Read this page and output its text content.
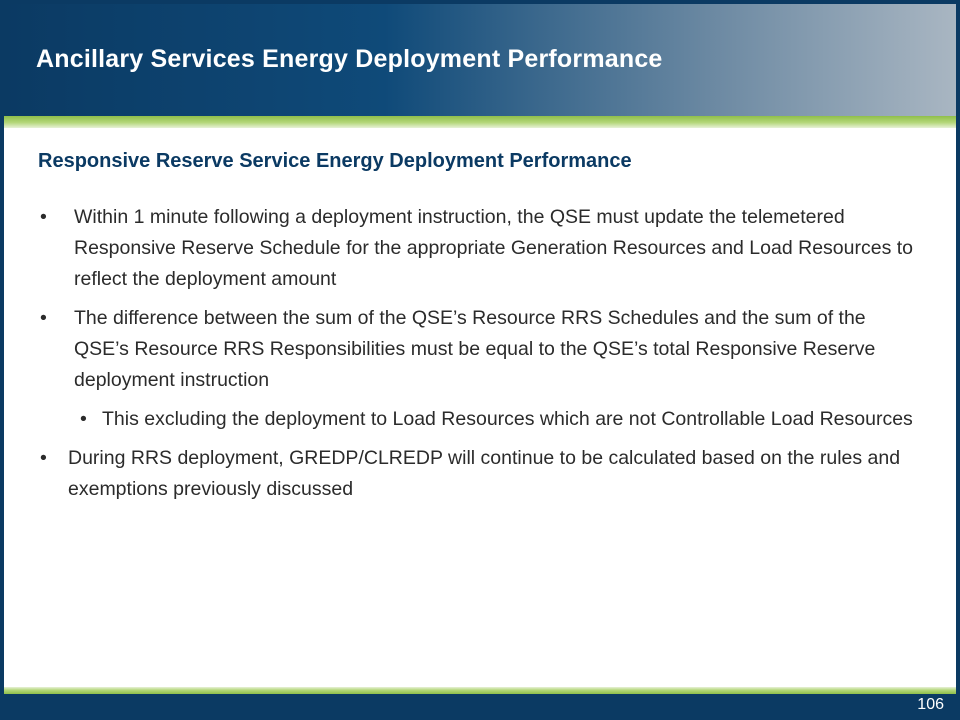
Ancillary Services Energy Deployment Performance
Responsive Reserve Service Energy Deployment Performance
•	Within 1 minute following a deployment instruction, the QSE must update the telemetered Responsive Reserve Schedule for the appropriate Generation Resources and Load Resources to reflect the deployment amount
•	The difference between the sum of the QSE’s Resource RRS Schedules and the sum of the QSE’s Resource RRS Responsibilities must be equal to the QSE’s total Responsive Reserve deployment instruction
• This excluding the deployment to Load Resources which are not Controllable Load Resources
•	During RRS deployment, GREDP/CLREDP will continue to be calculated based on the rules and exemptions previously discussed
106
